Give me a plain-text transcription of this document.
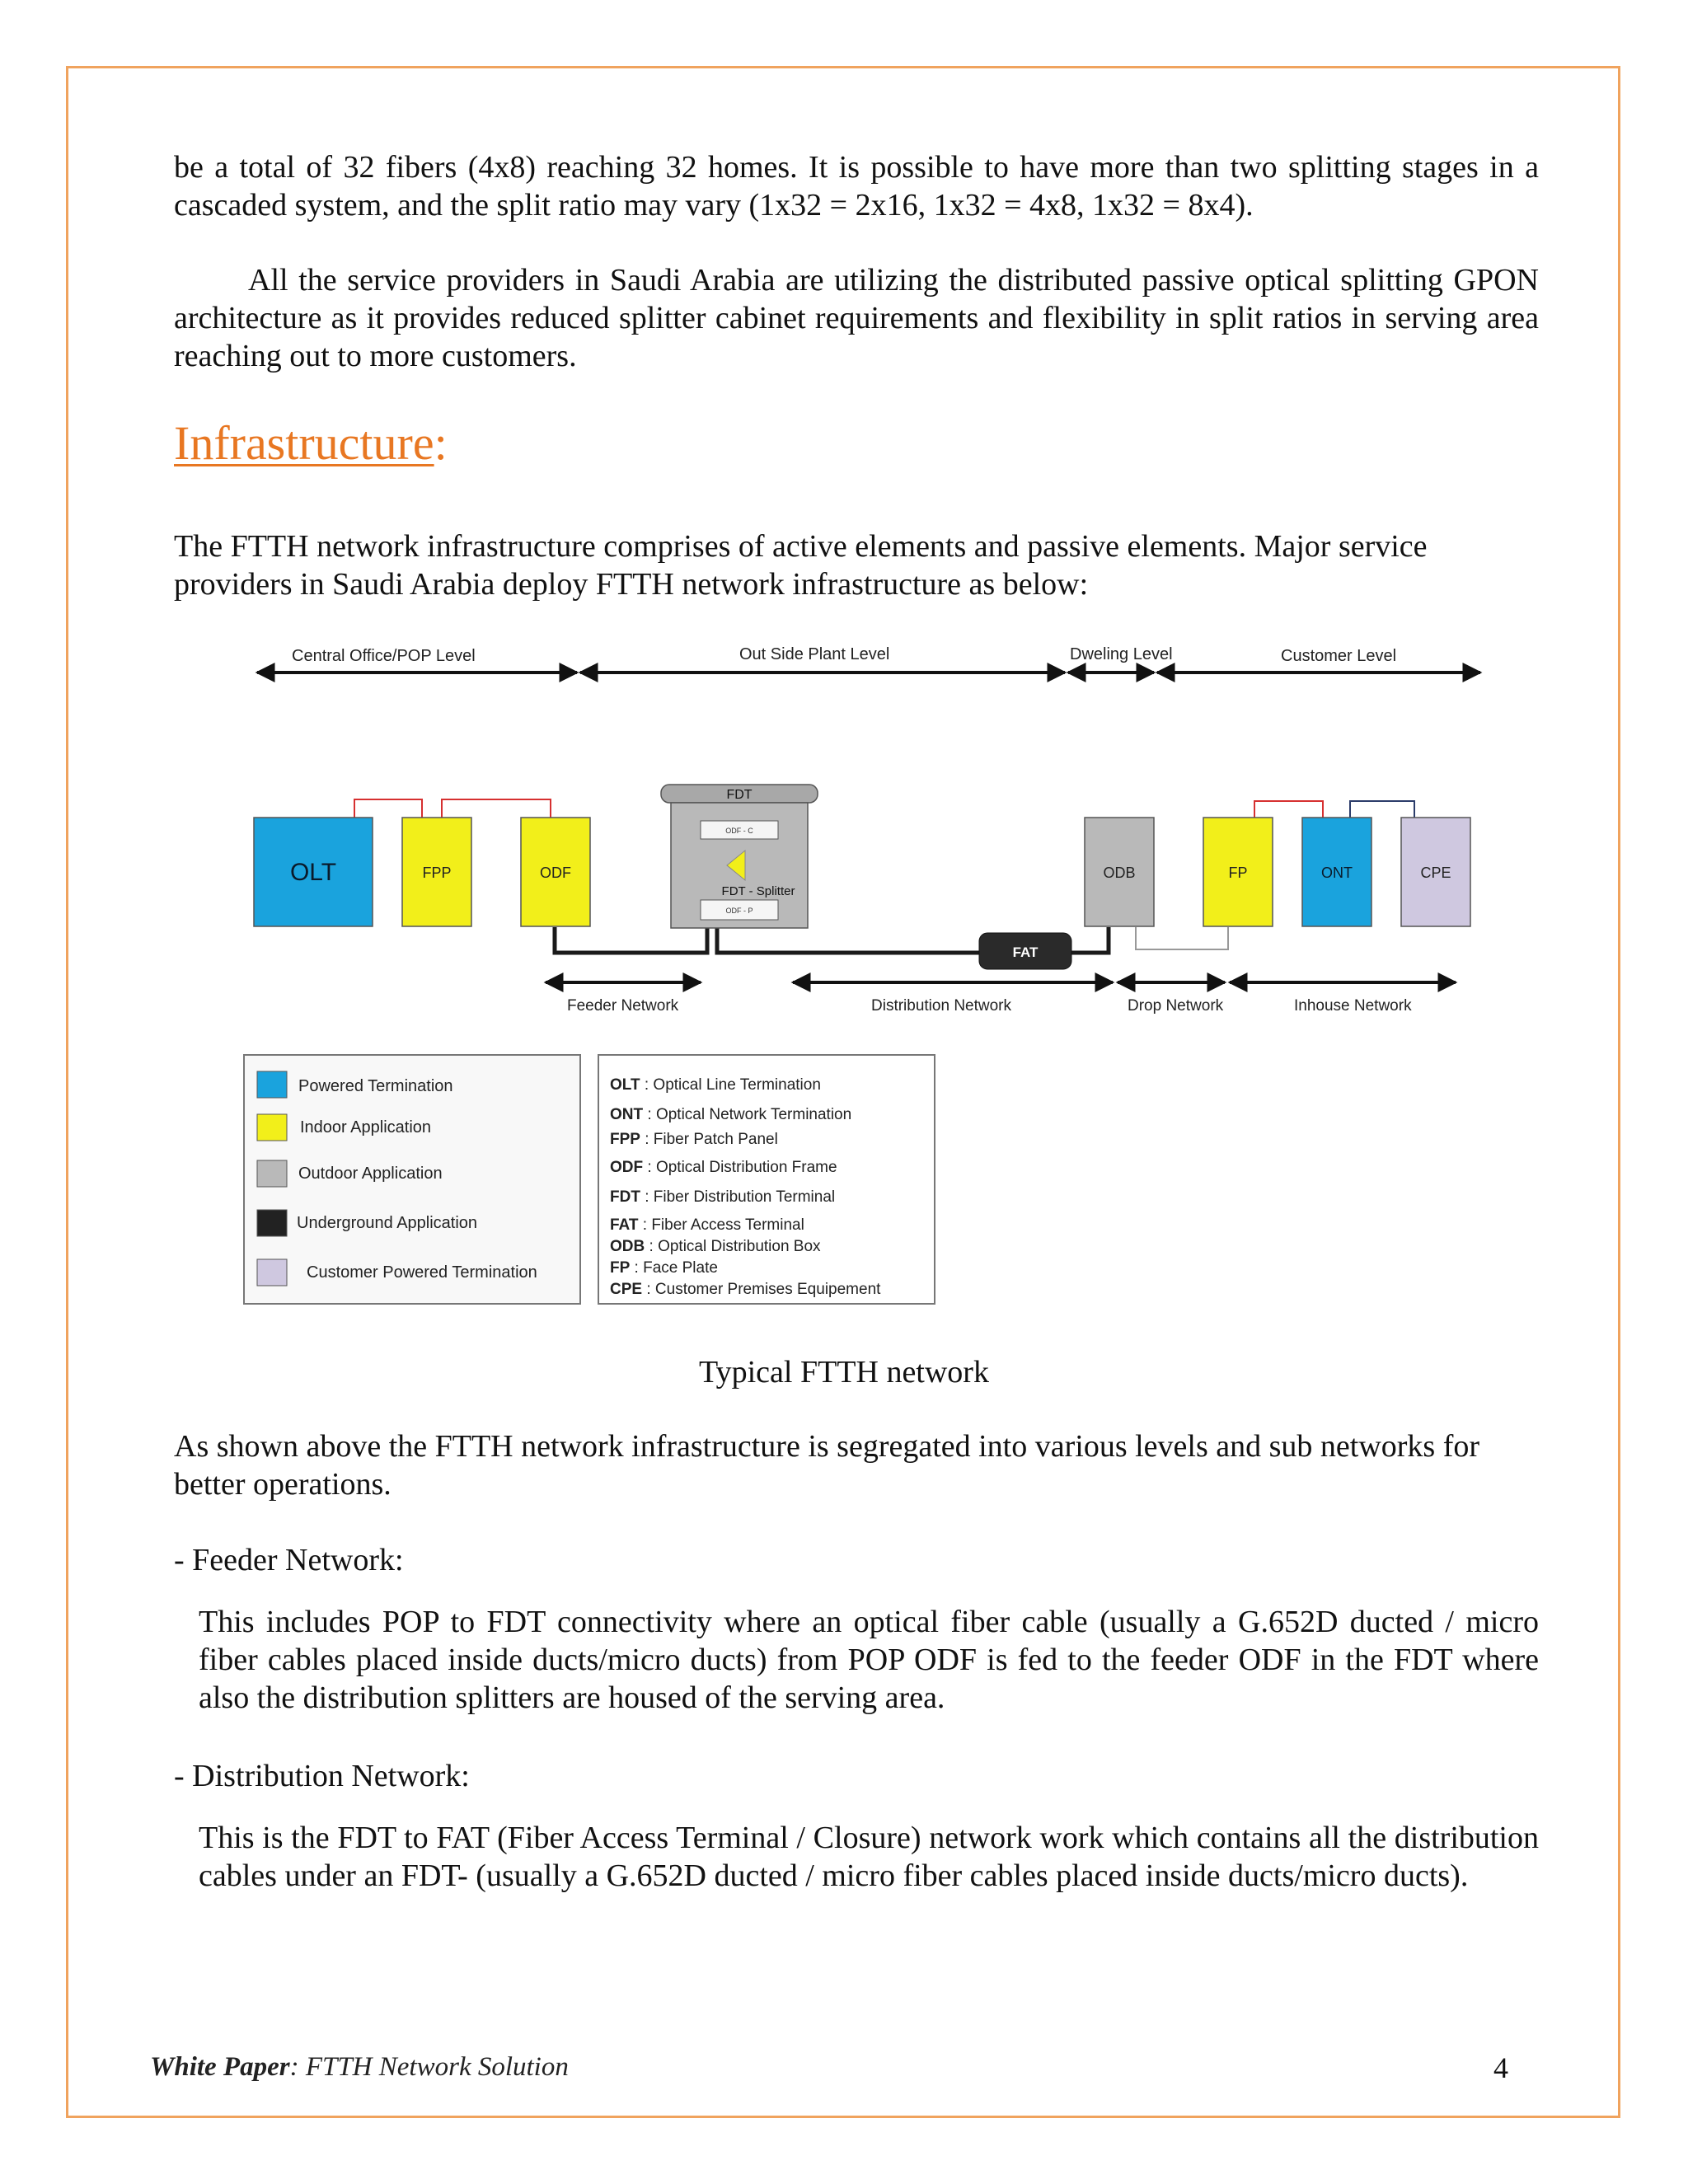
be a total of 32 fibers (4x8) reaching 32 homes. It is possible to have more than two splitting stages in a cascaded system, and the split ratio may vary (1x32 = 2x16, 1x32 = 4x8, 1x32 = 8x4).
All the service providers in Saudi Arabia are utilizing the distributed passive optical splitting GPON architecture as it provides reduced splitter cabinet requirements and flexibility in split ratios in serving area reaching out to more customers.
Infrastructure:
The FTTH network infrastructure comprises of active elements and passive elements. Major service providers in Saudi Arabia deploy FTTH network infrastructure as below:
Central Office/POP Level	Out Side Plant Level	Dweling Level	Customer Level
OLT	FPP	ODF
FDT
ODF - C
FDT - Splitter
ODF - P
FAT
ODB	FP	ONT	CPE
Feeder Network	Distribution Network	Drop Network	Inhouse Network
Powered Termination
Indoor Application
Outdoor Application
Underground Application
Customer Powered Termination
OLT : Optical Line Termination
ONT : Optical Network Termination
FPP : Fiber Patch Panel
ODF : Optical Distribution Frame
FDT : Fiber Distribution Terminal
FAT : Fiber Access Terminal
ODB : Optical Distribution Box
FP : Face Plate
CPE : Customer Premises Equipement
Typical FTTH network
As shown above the FTTH network infrastructure is segregated into various levels and sub networks for better operations.
- Feeder Network:
This includes POP to FDT connectivity where an optical fiber cable (usually a G.652D ducted / micro fiber cables placed inside ducts/micro ducts) from POP ODF is fed to the feeder ODF in the FDT where also the distribution splitters are housed of the serving area.
- Distribution Network:
This is the FDT to FAT (Fiber Access Terminal / Closure) network work which contains all the distribution cables under an FDT- (usually a G.652D ducted / micro fiber cables placed inside ducts/micro ducts).
White Paper: FTTH Network Solution	4
